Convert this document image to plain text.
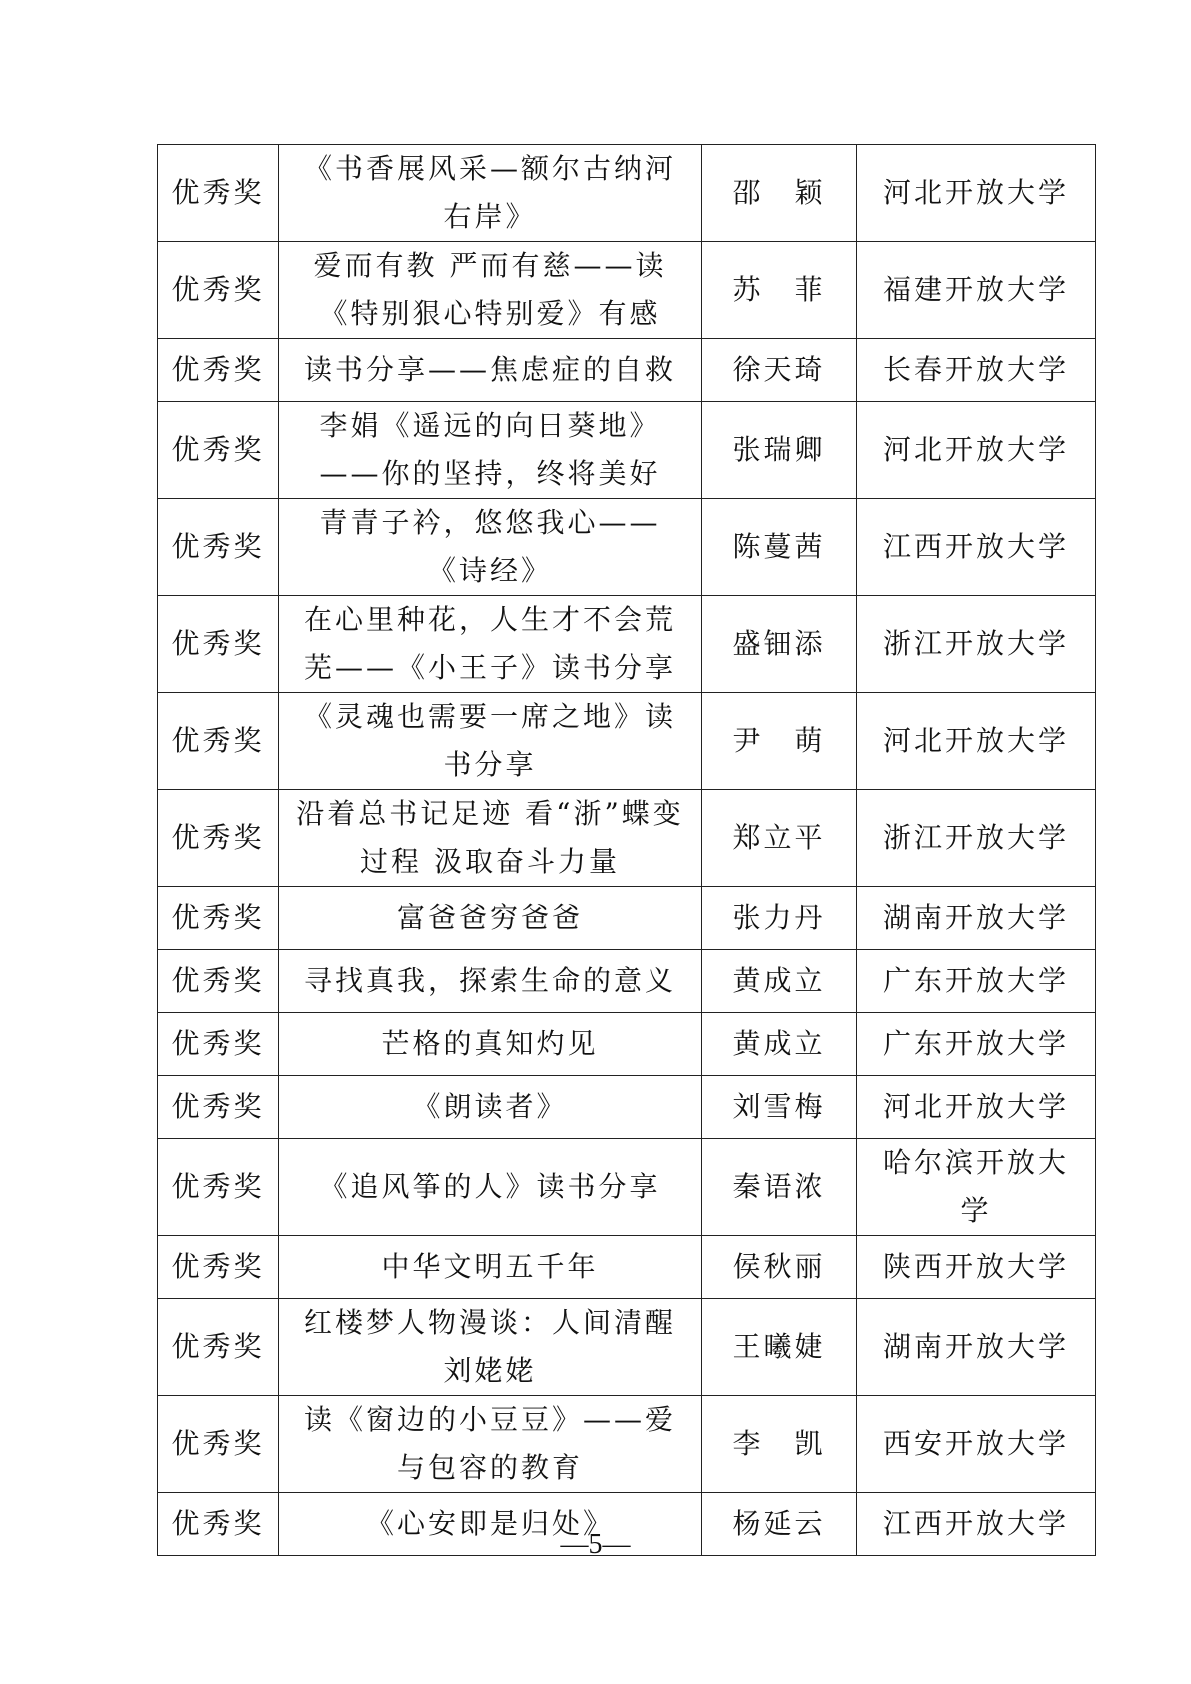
优秀奖	《书香展风采—额尔古纳河右岸》	邵　颖	河北开放大学
优秀奖	爱而有教 严而有慈——读《特别狠心特别爱》有感	苏　菲	福建开放大学
优秀奖	读书分享——焦虑症的自救	徐天琦	长春开放大学
优秀奖	李娟《遥远的向日葵地》——你的坚持，终将美好	张瑞卿	河北开放大学
优秀奖	青青子衿，悠悠我心——《诗经》	陈蔓茜	江西开放大学
优秀奖	在心里种花，人生才不会荒芜——《小王子》读书分享	盛钿添	浙江开放大学
优秀奖	《灵魂也需要一席之地》读书分享	尹　萌	河北开放大学
优秀奖	沿着总书记足迹 看“浙”蝶变过程 汲取奋斗力量	郑立平	浙江开放大学
优秀奖	富爸爸穷爸爸	张力丹	湖南开放大学
优秀奖	寻找真我，探索生命的意义	黄成立	广东开放大学
优秀奖	芒格的真知灼见	黄成立	广东开放大学
优秀奖	《朗读者》	刘雪梅	河北开放大学
优秀奖	《追风筝的人》读书分享	秦语浓	哈尔滨开放大学
优秀奖	中华文明五千年	侯秋丽	陕西开放大学
优秀奖	红楼梦人物漫谈：人间清醒刘姥姥	王曦婕	湖南开放大学
优秀奖	读《窗边的小豆豆》——爱与包容的教育	李　凯	西安开放大学
优秀奖	《心安即是归处》	杨延云	江西开放大学
—5—
